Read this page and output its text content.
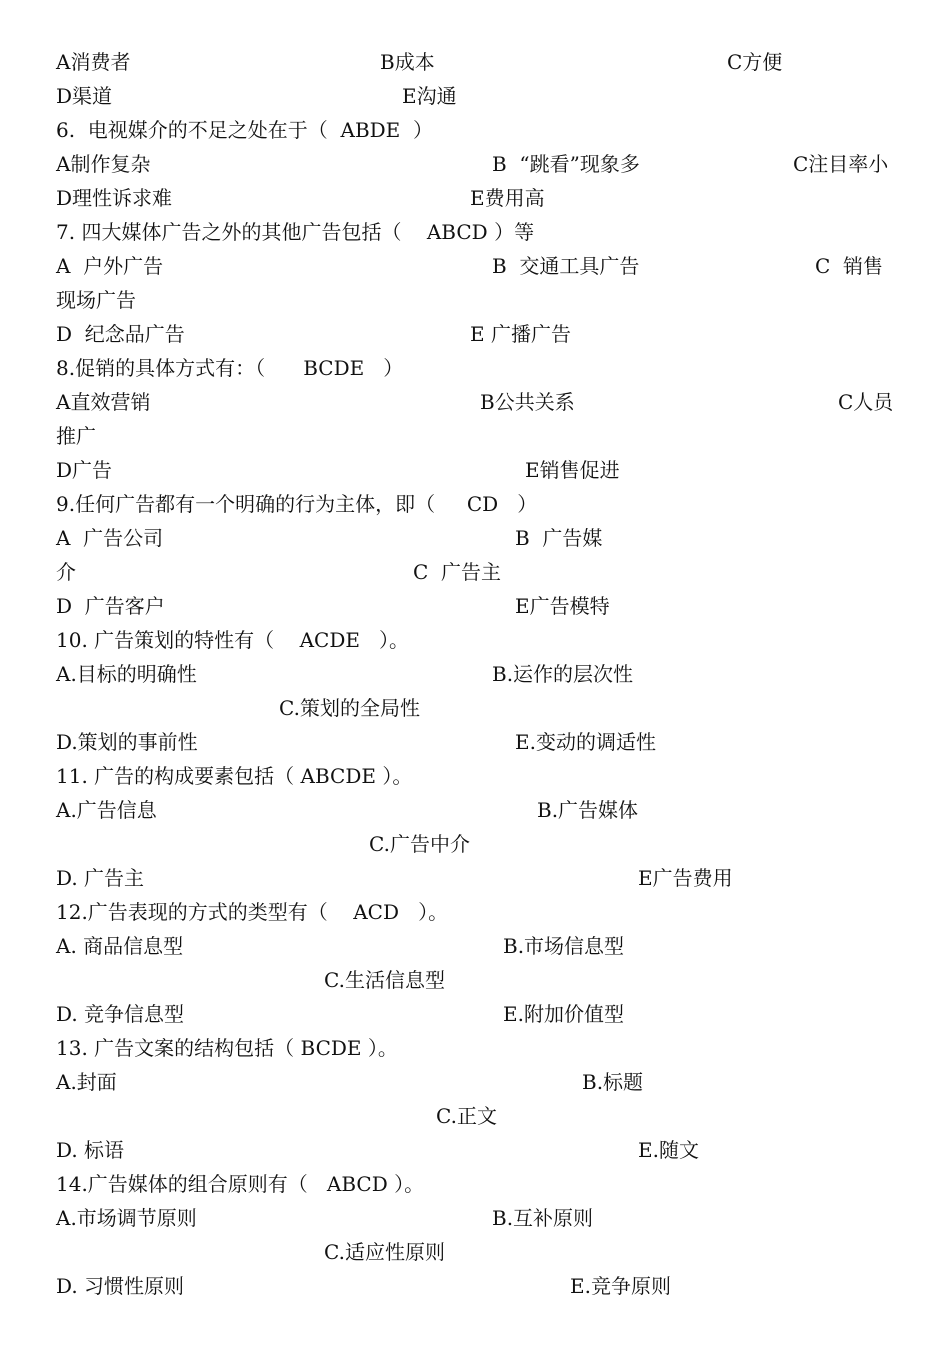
A消费者	B成本	C方便
D渠道	E沟通
6.  电视媒介的不足之处在于（  ABDE  ）
A制作复杂	B  “跳看”现象多	C注目率小
D理性诉求难	E费用高
7. 四大媒体广告之外的其他广告包括（    ABCD ）等
A  户外广告	B  交通工具广告	C  销售
现场广告
D  纪念品广告	E 广播广告
8.促销的具体方式有：（      BCDE   ）
A直效营销	B公共关系	C人员
推广
D广告	E销售促进
9.任何广告都有一个明确的行为主体，即（     CD   ）
A  广告公司	B  广告媒
介	C  广告主
D  广告客户	E广告模特
10. 广告策划的特性有（    ACDE   ）。
A.目标的明确性	B.运作的层次性
C.策划的全局性
D.策划的事前性	E.变动的调适性
11. 广告的构成要素包括（ ABCDE ）。
A.广告信息	B.广告媒体
C.广告中介
D. 广告主	E广告费用
12.广告表现的方式的类型有（    ACD   ）。
A. 商品信息型	B.市场信息型
C.生活信息型
D. 竞争信息型	E.附加价值型
13. 广告文案的结构包括（ BCDE ）。
A.封面	B.标题
C.正文
D. 标语	E.随文
14.广告媒体的组合原则有（   ABCD ）。
A.市场调节原则	B.互补原则
C.适应性原则
D. 习惯性原则	E.竞争原则
